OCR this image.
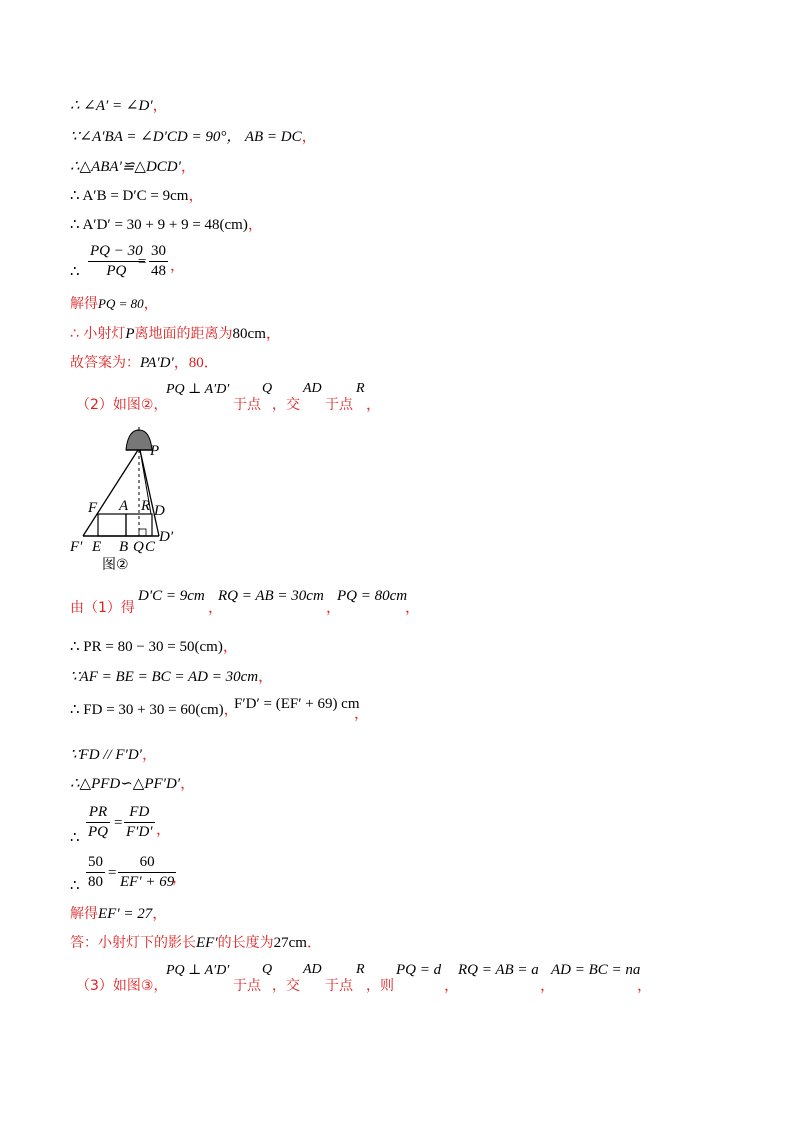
∴ ∠A′ = ∠D′，
∵∠A′BA = ∠D′CD = 90°， AB = DC，
∴△ABA′≌△DCD′，
∴ A′B = D′C = 9cm，
∴ A′D′ = 30 + 9 + 9 = 48(cm)，
∴
PQ − 30
PQ
=
30
48 ，
解得PQ = 80，
∴ 小射灯P离地面的距离为80cm，
故答案为：PA′D′，80．
（2）如图②，
PQ ⊥ A′D′
于点
Q
，交
AD
于点
R
，
P
F A R D
F′ E B Q C
D′
图②
由（1）得
D′C = 9cm
，
RQ = AB = 30cm
，
PQ = 80cm
，
∴ PR = 80 − 30 = 50(cm)，
∵AF = BE = BC = AD = 30cm，
∴ FD = 30 + 30 = 60(cm)，
F′D′ = (EF′ + 69) cm
，
∵FD // F′D′，
∴△PFD∽△PF′D′，
∴
PR
PQ
=
FD
F′D′ ，
∴
50
80
=
60
EF′ + 69
，
解得EF′ = 27，
答：小射灯下的影长EF′的长度为27cm．
（3）如图③，
PQ ⊥ A′D′
于点
Q
，交
AD
于点
R
，则
PQ = d
，
RQ = AB = a
，
AD = BC = na
，
